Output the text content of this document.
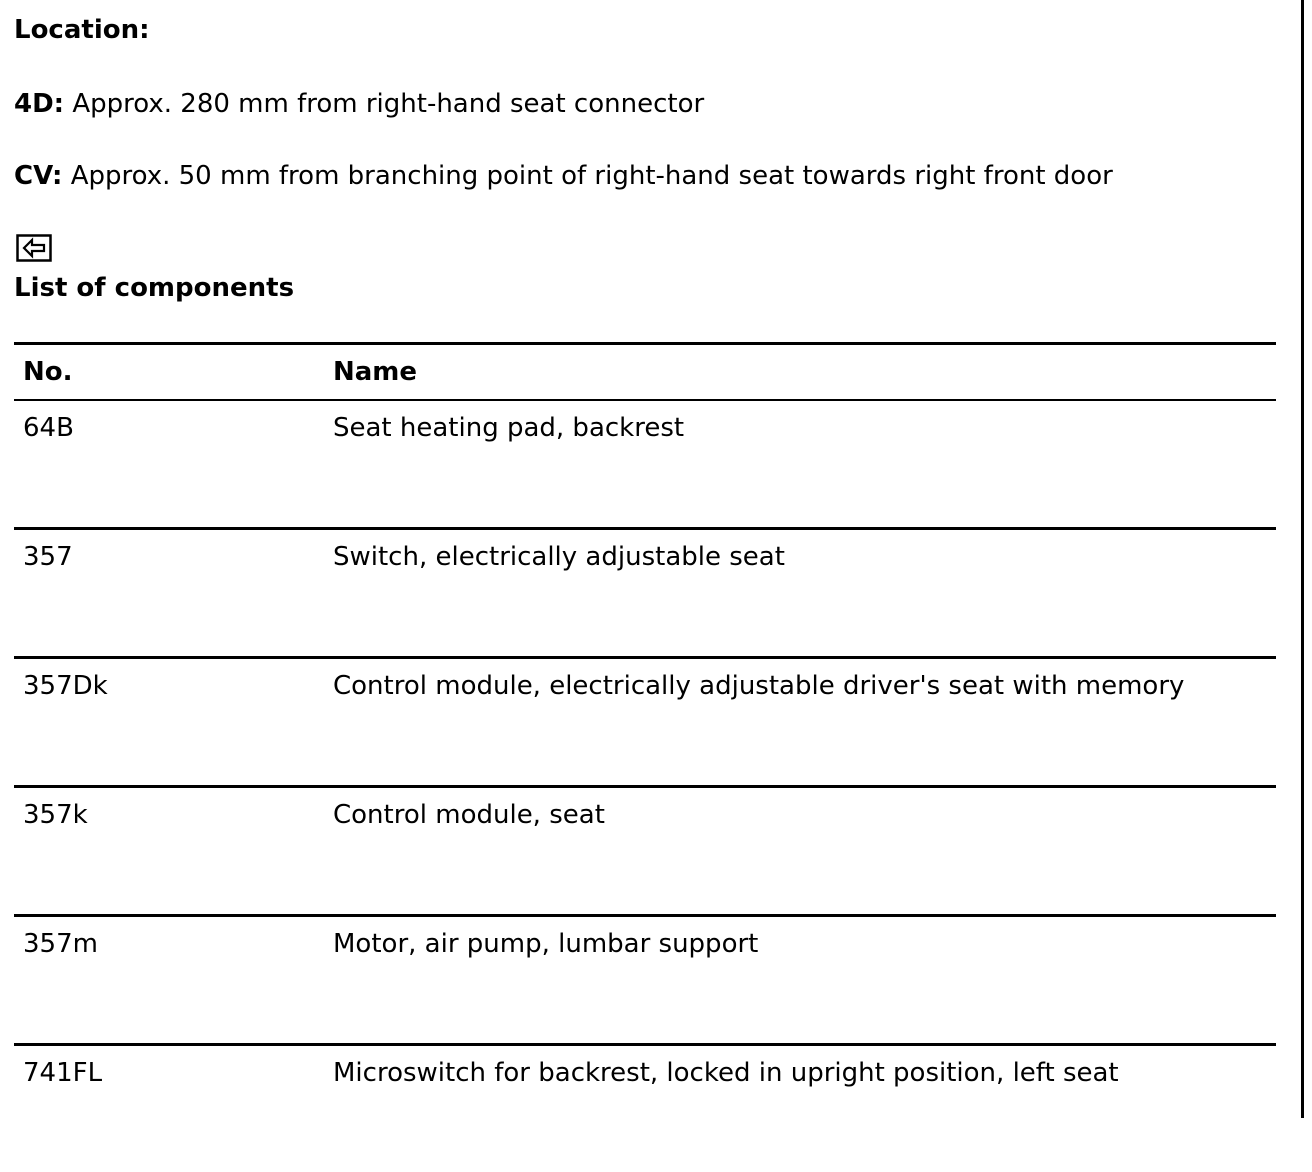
Location:
4D: Approx. 280 mm from right-hand seat connector
CV: Approx. 50 mm from branching point of right-hand seat towards right front door
List of components
No.	Name
64B	Seat heating pad, backrest
357	Switch, electrically adjustable seat
357Dk	Control module, electrically adjustable driver's seat with memory
357k	Control module, seat
357m	Motor, air pump, lumbar support
741FL	Microswitch for backrest, locked in upright position, left seat
